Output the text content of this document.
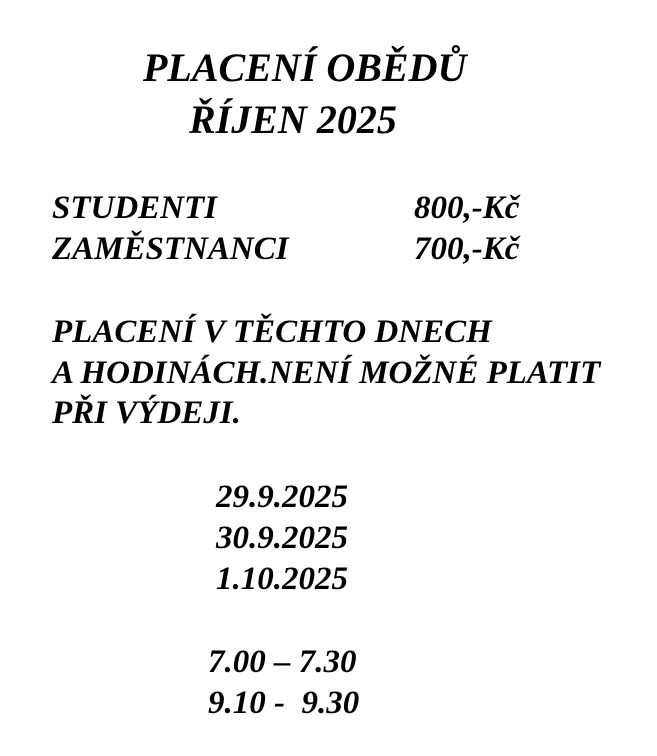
PLACENÍ OBĚDŮ
ŘÍJEN 2025
STUDENTI	800,-Kč
ZAMĚSTNANCI	700,-Kč
PLACENÍ V TĚCHTO DNECH
A HODINÁCH.NENÍ MOŽNÉ PLATIT
PŘI VÝDEJI.
29.9.2025
30.9.2025
1.10.2025
7.00 – 7.30
9.10 -  9.30
